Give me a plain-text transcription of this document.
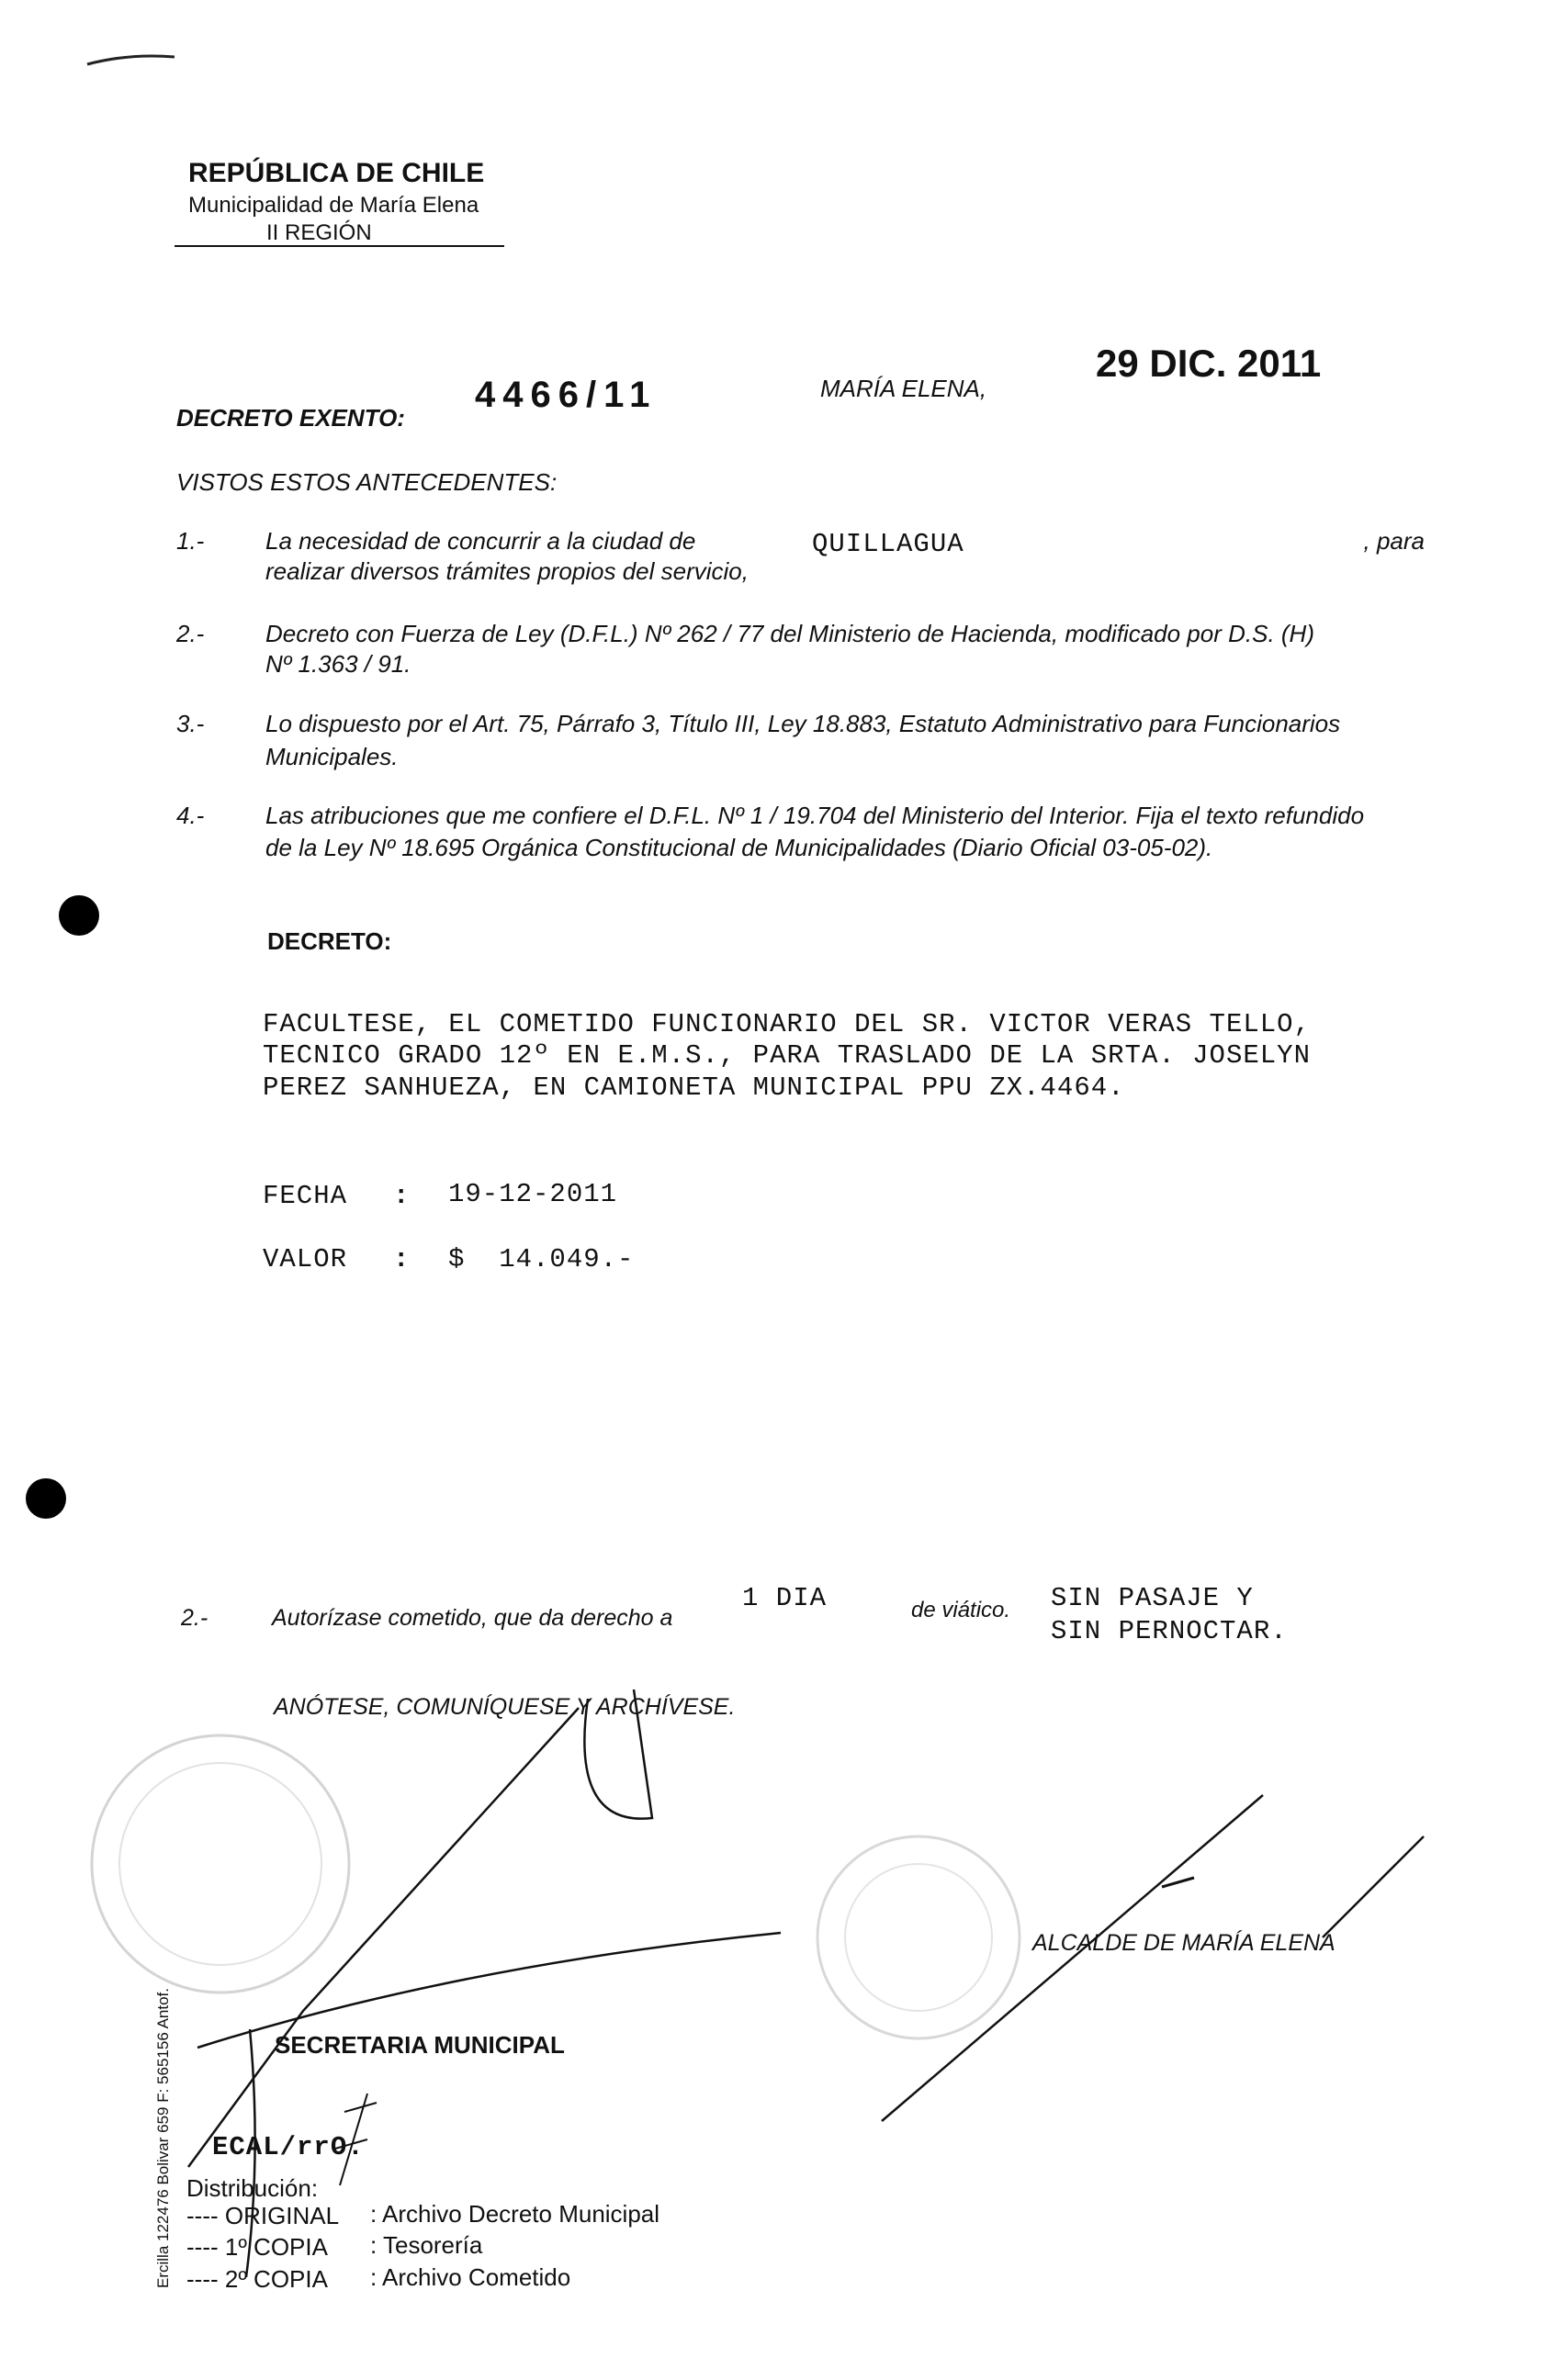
REPÚBLICA DE CHILE
Municipalidad de María Elena
II REGIÓN
DECRETO EXENTO:
4466/11	MARÍA ELENA,
29 DIC. 2011
VISTOS ESTOS ANTECEDENTES:
1.-	La necesidad de concurrir a la ciudad de	QUILLAGUA	, para
realizar diversos trámites propios del servicio,
2.-	Decreto con Fuerza de Ley (D.F.L.) Nº 262 / 77 del Ministerio de Hacienda, modificado por D.S. (H)
Nº 1.363 / 91.
3.-	Lo dispuesto por el Art. 75, Párrafo 3, Título III, Ley 18.883, Estatuto Administrativo para Funcionarios
Municipales.
4.-	Las atribuciones que me confiere el D.F.L. Nº 1 / 19.704 del Ministerio del Interior. Fija el texto refundido
de la Ley Nº 18.695 Orgánica Constitucional de Municipalidades (Diario Oficial 03-05-02).
DECRETO:
FACULTESE, EL COMETIDO FUNCIONARIO DEL SR. VICTOR VERAS TELLO,
TECNICO GRADO 12º EN E.M.S., PARA TRASLADO DE LA SRTA. JOSELYN
PEREZ SANHUEZA, EN CAMIONETA MUNICIPAL PPU ZX.4464.
FECHA : 19-12-2011
VALOR : $  14.049.-
2.-	Autorízase cometido, que da derecho a
1 DIA	de viático. SIN PASAJE Y
SIN PERNOCTAR.
ANÓTESE, COMUNÍQUESE Y ARCHÍVESE.
ALCALDE DE MARÍA ELENA
SECRETARIA MUNICIPAL
ECAL/rrO.
Distribución:
---- ORIGINAL : Archivo Decreto Municipal
---- 1º COPIA : Tesorería
---- 2º COPIA : Archivo Cometido
Ercilla 122476 Bolivar 659 F: 565156 Antof.
